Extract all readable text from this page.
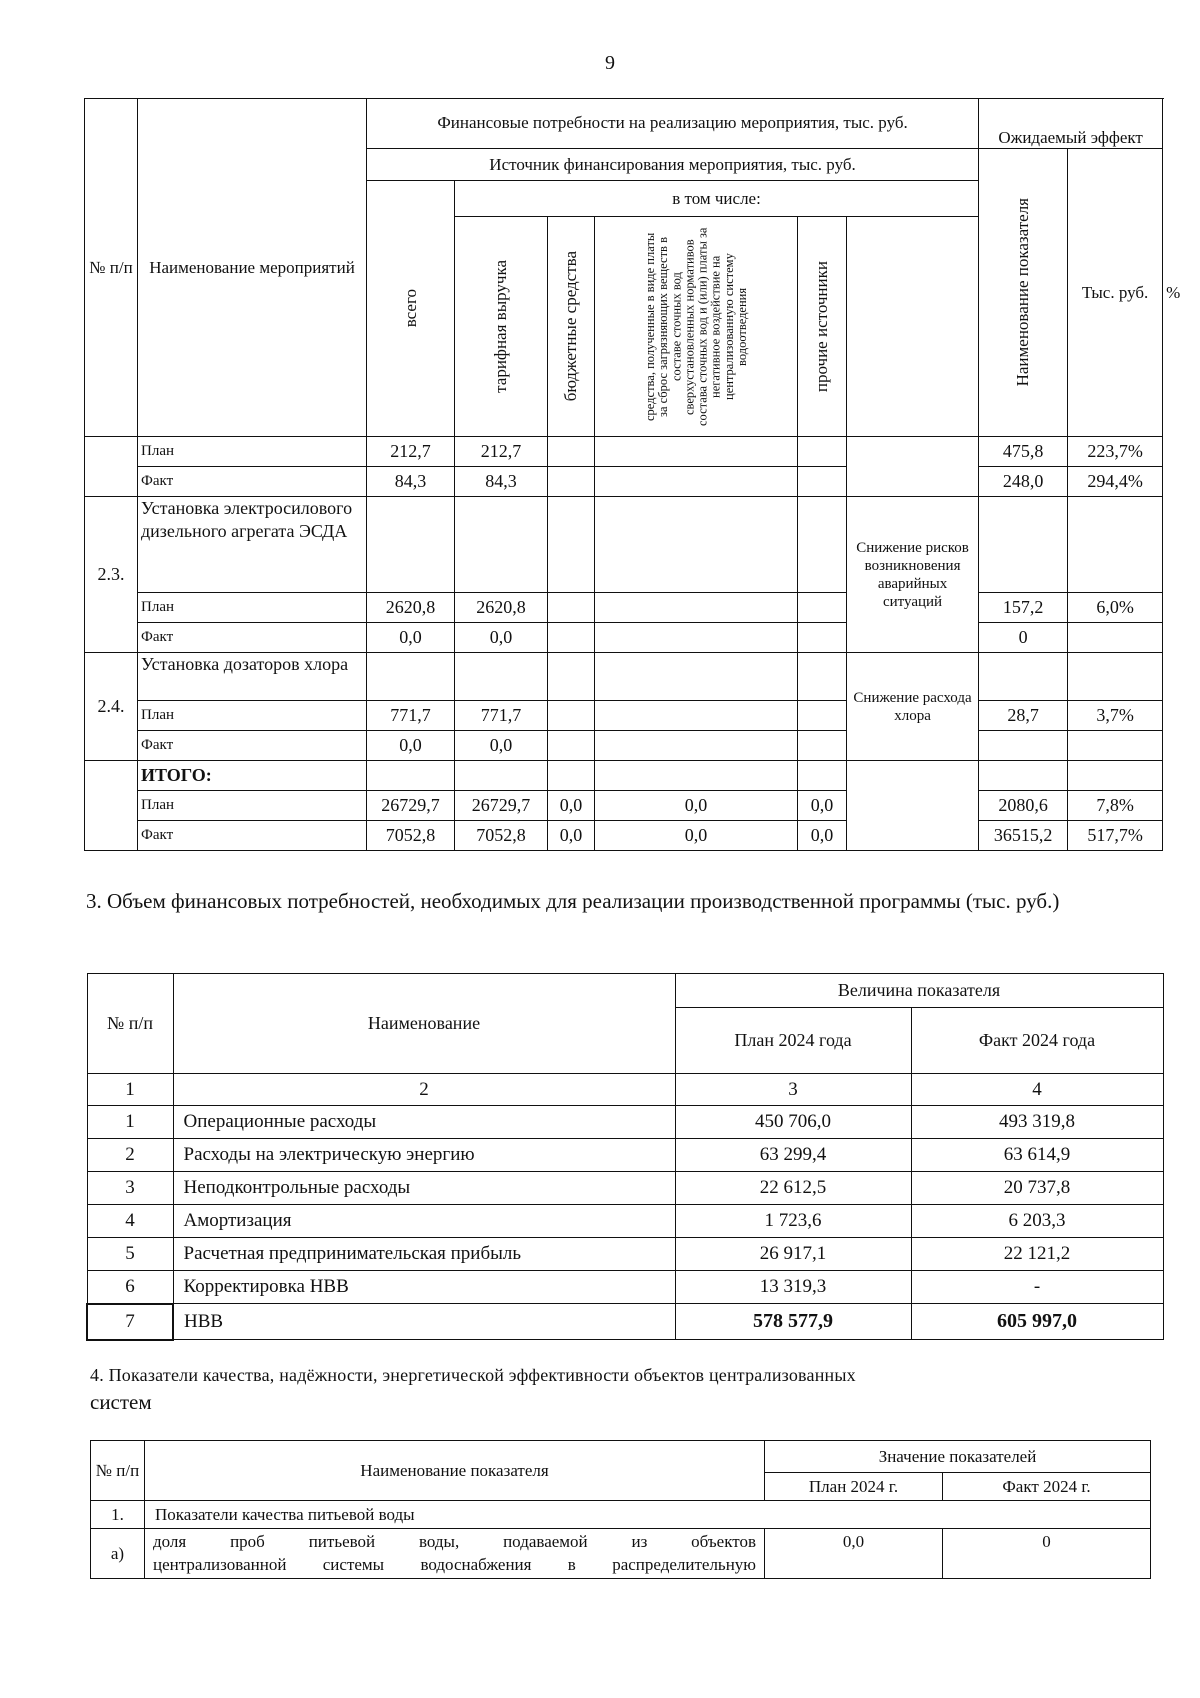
9
№ п/п	Наименование мероприятий	Финансовые потребности на реализацию мероприятия, тыс. руб.						Ожидаемый эффект		
		Источник финансирования мероприятия, тыс. руб.						Наименование показателя	Тыс. руб.	%

		всего	в том числе:							

			тарифная выручка	бюджетные средства	средства, полученные в виде платы за сброс загрязняющих веществ в составе сточных вод сверхустановленных нормативов состава сточных вод и (или) платы за негативное воздействие на централизованную систему водоотведения	прочие источники				

	План	212,7	212,7					475,8	223,7%	
	Факт	84,3	84,3					248,0	294,4%	
2.3.	Установка электросилового дизельного агрегата ЭСДА						Снижение рисков возникновения аварийных ситуаций			
	План	2620,8	2620,8					157,2	6,0%	
	Факт	0,0	0,0					0		
2.4.	Установка дозаторов хлора						Снижение расхода хлора			
	План	771,7	771,7					28,7	3,7%	
	Факт	0,0	0,0							
	ИТОГО:									
	План	26729,7	26729,7	0,0	0,0	0,0		2080,6	7,8%	
	Факт	7052,8	7052,8	0,0	0,0	0,0		36515,2	517,7%	
3. Объем финансовых потребностей, необходимых для реализации производственной программы (тыс. руб.)
№ п/п	Наименование	Величина показателя	
		План 2024 года	Факт 2024 года
1	2	3	4
1	Операционные расходы	450 706,0	493 319,8
2	Расходы на электрическую энергию	63 299,4	63 614,9
3	Неподконтрольные расходы	22 612,5	20 737,8
4	Амортизация	1 723,6	6 203,3
5	Расчетная предпринимательская прибыль	26 917,1	22 121,2
6	Корректировка НВВ	13 319,3	-
7	НВВ	578 577,9	605 997,0
4. Показатели качества, надёжности, энергетической эффективности объектов централизованных
систем
№ п/п	Наименование показателя	Значение показателей	
		План 2024 г.	Факт 2024 г.
1.	Показатели качества питьевой воды		
а)	доля проб питьевой воды, подаваемой из объектов
централизованной системы водоснабжения в распределительную	0,0	0
